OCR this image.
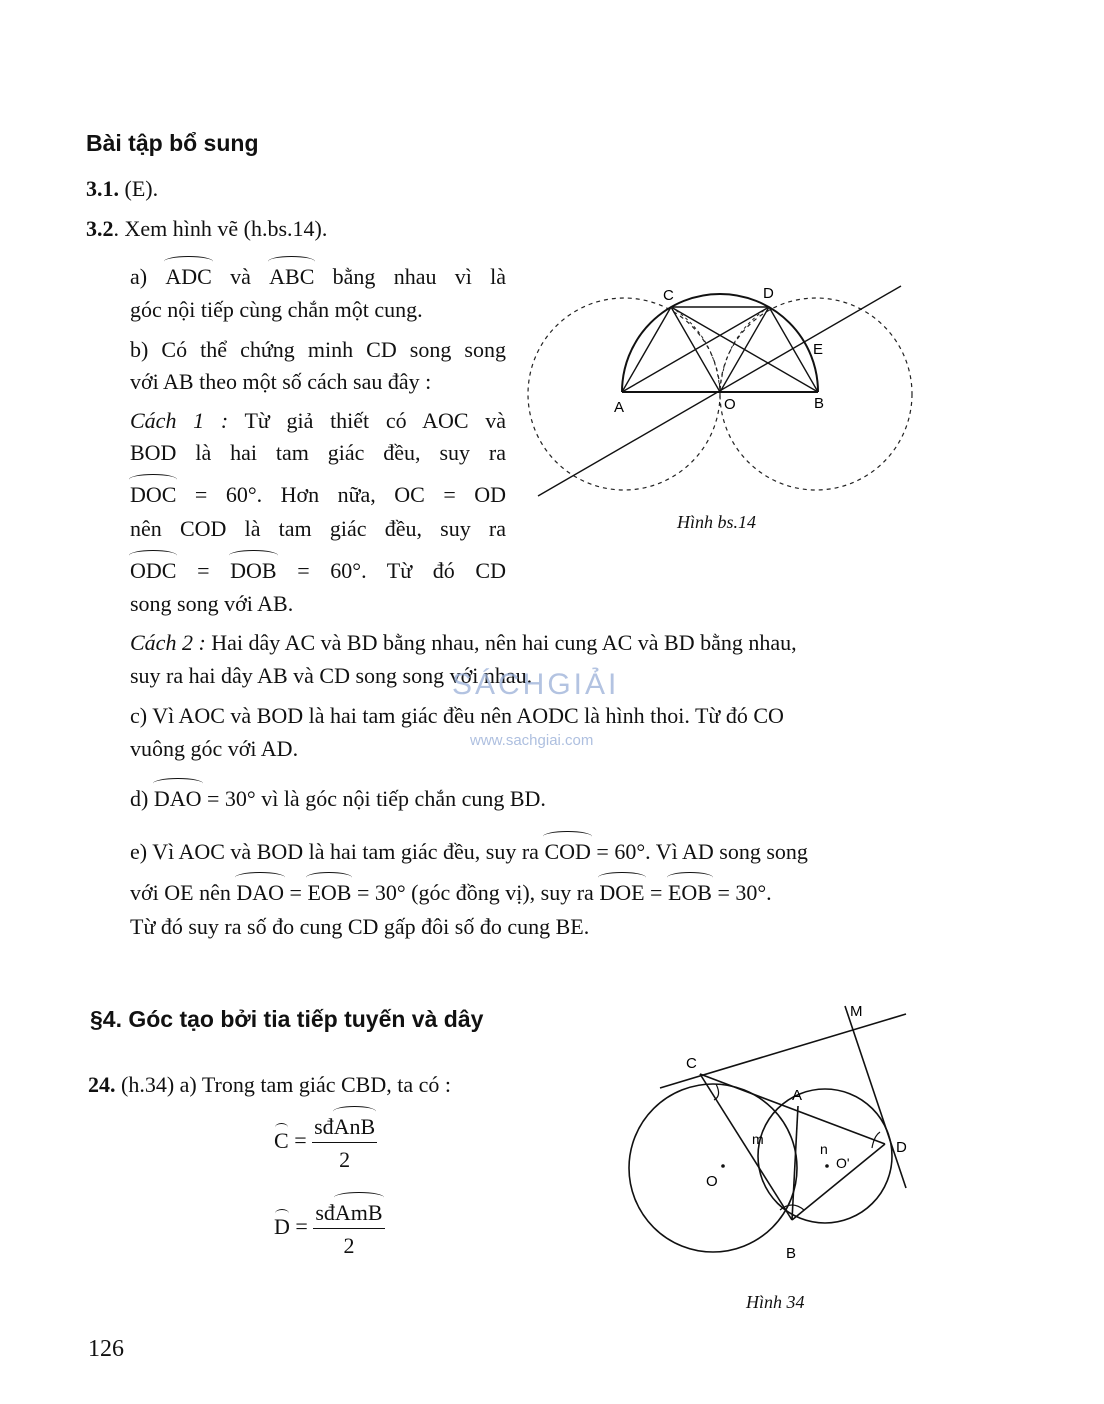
Bài tập bổ sung
3.1. (E).
3.2. Xem hình vẽ (h.bs.14).
a) ADC và ABC bằng nhau vì là
góc nội tiếp cùng chắn một cung.
b) Có thể chứng minh CD song song
với AB theo một số cách sau đây :
Cách 1 : Từ giả thiết có AOC và
BOD là hai tam giác đều, suy ra
DOC = 60°. Hơn nữa, OC = OD
nên COD là tam giác đều, suy ra
ODC = DOB = 60°. Từ đó CD
song song với AB.
C	D
E
A	O	B
Hình bs.14
Cách 2 : Hai dây AC và BD bằng nhau, nên hai cung AC và BD bằng nhau,
suy ra hai dây AB và CD song song với nhau.
SÁCHGIẢI
www.sachgiai.com
c) Vì AOC và BOD là hai tam giác đều nên AODC là hình thoi. Từ đó CO
vuông góc với AD.
d) DAO = 30° vì là góc nội tiếp chắn cung BD.
e) Vì AOC và BOD là hai tam giác đều, suy ra COD = 60°. Vì AD song song
với OE nên DAO = EOB = 30° (góc đồng vị), suy ra DOE = EOB = 30°.
Từ đó suy ra số đo cung CD gấp đôi số đo cung BE.
§4. Góc tạo bởi tia tiếp tuyến và dây
24. (h.34) a) Trong tam giác CBD, ta có :
$C = \frac{\text{sđAnB}}{2}$
$D = \frac{\text{sđAmB}}{2}$
M
C
A
D
B
O
O'
m
n
Hình 34
126
